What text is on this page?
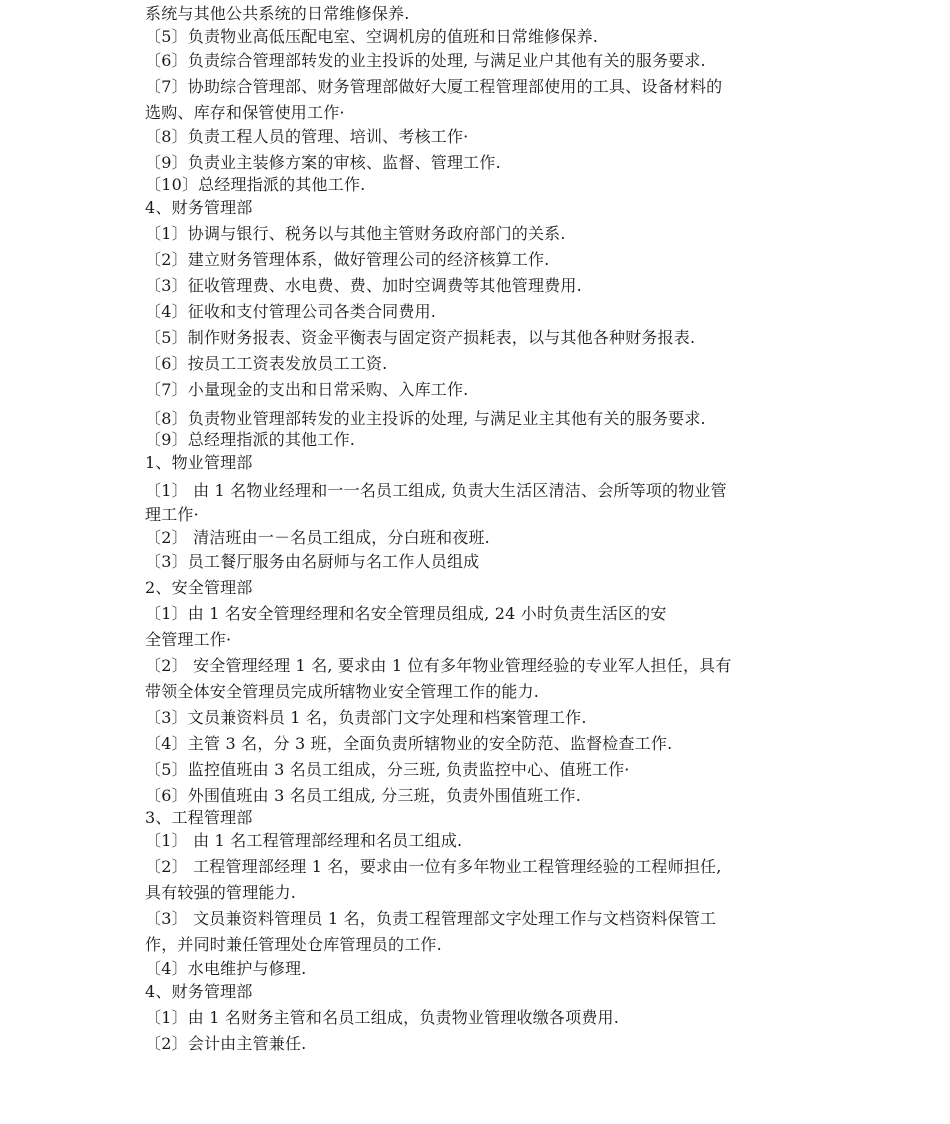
系统与其他公共系统的日常维修保养.
〔5〕负责物业高低压配电室、空调机房的值班和日常维修保养.
〔6〕负责综合管理部转发的业主投诉的处理, 与满足业户其他有关的服务要求.
〔7〕协助综合管理部、财务管理部做好大厦工程管理部使用的工具、设备材料的
选购、库存和保管使用工作·
〔8〕负责工程人员的管理、培训、考核工作·
〔9〕负责业主装修方案的审核、监督、管理工作.
〔10〕总经理指派的其他工作.
4、财务管理部
〔1〕协调与银行、税务以与其他主管财务政府部门的关系.
〔2〕建立财务管理体系，做好管理公司的经济核算工作.
〔3〕征收管理费、水电费、费、加时空调费等其他管理费用.
〔4〕征收和支付管理公司各类合同费用.
〔5〕制作财务报表、资金平衡表与固定资产损耗表，以与其他各种财务报表.
〔6〕按员工工资表发放员工工资.
〔7〕小量现金的支出和日常采购、入库工作.
〔8〕负责物业管理部转发的业主投诉的处理, 与满足业主其他有关的服务要求.
〔9〕总经理指派的其他工作.
1、物业管理部
〔1〕 由 1 名物业经理和一一名员工组成, 负责大生活区清洁、会所等项的物业管
理工作·
〔2〕 清洁班由一－名员工组成，分白班和夜班.
〔3〕员工餐厅服务由名厨师与名工作人员组成
2、安全管理部
〔1〕由 1 名安全管理经理和名安全管理员组成, 24 小时负责生活区的安
全管理工作·
〔2〕 安全管理经理 1 名, 要求由 1 位有多年物业管理经验的专业军人担任，具有
带领全体安全管理员完成所辖物业安全管理工作的能力.
〔3〕文员兼资料员 1 名，负责部门文字处理和档案管理工作.
〔4〕主管 3 名，分 3 班，全面负责所辖物业的安全防范、监督检查工作.
〔5〕监控值班由 3 名员工组成，分三班, 负责监控中心、值班工作·
〔6〕外围值班由 3 名员工组成, 分三班，负责外围值班工作.
3、工程管理部
〔1〕 由 1 名工程管理部经理和名员工组成.
〔2〕 工程管理部经理 1 名，要求由一位有多年物业工程管理经验的工程师担任,
具有较强的管理能力.
〔3〕 文员兼资料管理员 1 名，负责工程管理部文字处理工作与文档资料保管工
作，并同时兼任管理处仓库管理员的工作.
〔4〕水电维护与修理.
4、财务管理部
〔1〕由 1 名财务主管和名员工组成，负责物业管理收缴各项费用.
〔2〕会计由主管兼任.
